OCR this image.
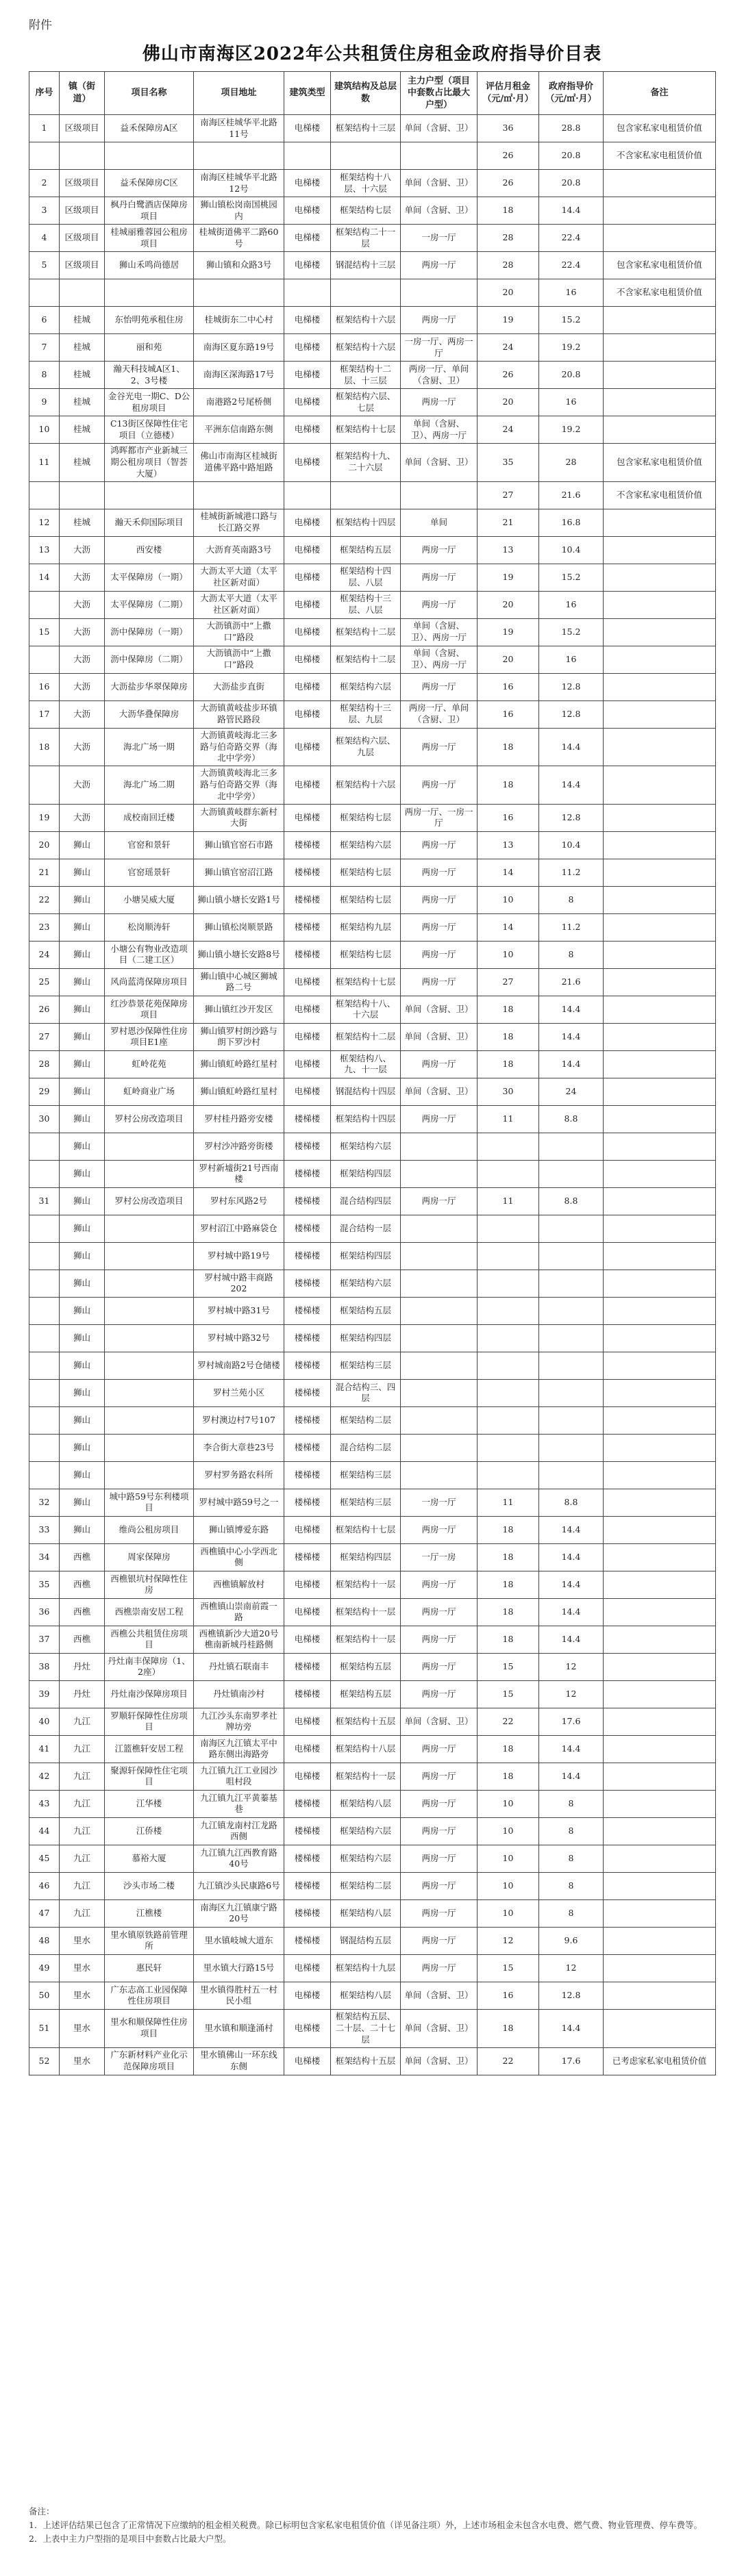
附件
佛山市南海区2022年公共租赁住房租金政府指导价目表
序号	镇（街道）	项目名称	项目地址	建筑类型	建筑结构及总层数	主力户型（项目中套数占比最大户型）	评估月租金（元/㎡·月）	政府指导价（元/㎡·月）	备注
1	区级项目	益禾保障房A区	南海区桂城华平北路11号	电梯楼	框架结构十三层	单间（含厨、卫）	36	28.8	包含家私家电租赁价值
							26	20.8	不含家私家电租赁价值
2	区级项目	益禾保障房C区	南海区桂城华平北路12号	电梯楼	框架结构十八层、十六层	单间（含厨、卫）	26	20.8	
3	区级项目	枫丹白鹭酒店保障房项目	狮山镇松岗南国桃园内	电梯楼	框架结构七层	单间（含厨、卫）	18	14.4	
4	区级项目	桂城丽雅蓉园公租房项目	桂城街道佛平二路60号	电梯楼	框架结构二十一层	一房一厅	28	22.4	
5	区级项目	狮山禾鸣尚德居	狮山镇和众路3号	电梯楼	钢混结构十三层	两房一厅	28	22.4	包含家私家电租赁价值
							20	16	不含家私家电租赁价值
6	桂城	东怡明苑承租住房	桂城街东二中心村	电梯楼	框架结构十六层	两房一厅	19	15.2	
7	桂城	丽和苑	南海区夏东路19号	电梯楼	框架结构十六层	一房一厅、两房一厅	24	19.2	
8	桂城	瀚天科技城A区1、2、3号楼	南海区深海路17号	电梯楼	框架结构十二层、十三层	两房一厅、单间（含厨、卫）	26	20.8	
9	桂城	金谷光电一期C、D公租房项目	南港路2号尾桥侧	电梯楼	框架结构六层、七层	两房一厅	20	16	
10	桂城	C13街区保障性住宅项目（立德楼）	平洲东信南路东侧	电梯楼	框架结构十七层	单间（含厨、卫）、两房一厅	24	19.2	
11	桂城	鸿晖都市产业新城三期公租房项目（智荟大厦）	佛山市南海区桂城街道佛平路中路旭路	电梯楼	框架结构十九、二十六层	单间（含厨、卫）	35	28	包含家私家电租赁价值
							27	21.6	不含家私家电租赁价值
12	桂城	瀚天禾仰国际项目	桂城街新城港口路与长江路交界	电梯楼	框架结构十四层	单间	21	16.8	
13	大沥	西安楼	大沥育英南路3号	电梯楼	框架结构五层	两房一厅	13	10.4	
14	大沥	太平保障房（一期）	大沥太平大道（太平社区新对面）	电梯楼	框架结构十四层、八层	两房一厅	19	15.2	
	大沥	太平保障房（二期）	大沥太平大道（太平社区新对面）	电梯楼	框架结构十三层、八层	两房一厅	20	16	
15	大沥	沥中保障房（一期）	大沥镇沥中“上撒口”路段	电梯楼	框架结构十二层	单间（含厨、卫）、两房一厅	19	15.2	
	大沥	沥中保障房（二期）	大沥镇沥中“上撒口”路段	电梯楼	框架结构十二层	单间（含厨、卫）、两房一厅	20	16	
16	大沥	大沥盐步华翠保障房	大沥盐步直街	电梯楼	框架结构六层	两房一厅	16	12.8	
17	大沥	大沥华叠保障房	大沥镇黄岐盐步环镇路管民路段	电梯楼	框架结构十三层、九层	两房一厅、单间（含厨、卫）	16	12.8	
18	大沥	海北广场一期	大沥镇黄岐海北三多路与伯奇路交界（海北中学旁）	电梯楼	框架结构六层、九层	两房一厅	18	14.4	
	大沥	海北广场二期	大沥镇黄岐海北三多路与伯奇路交界（海北中学旁）	电梯楼	框架结构十六层	两房一厅	18	14.4	
19	大沥	成校南回迁楼	大沥镇黄岐群东新村大街	电梯楼	框架结构七层	两房一厅、一房一厅	16	12.8	
20	狮山	官窑和景轩	狮山镇官窑石市路	楼梯楼	框架结构六层	两房一厅	13	10.4	
21	狮山	官窑瑶景轩	狮山镇官窑沼江路	楼梯楼	框架结构七层	两房一厅	14	11.2	
22	狮山	小塘吴威大厦	狮山镇小塘长安路1号	楼梯楼	框架结构七层	两房一厅	10	8	
23	狮山	松岗顺涛轩	狮山镇松岗顺景路	楼梯楼	框架结构九层	两房一厅	14	11.2	
24	狮山	小塘公有物业改造项目（二建工区）	狮山镇小塘长安路8号	楼梯楼	框架结构七层	两房一厅	10	8	
25	狮山	风尚蓝湾保障房项目	狮山镇中心城区狮城路二号	电梯楼	框架结构十七层	两房一厅	27	21.6	
26	狮山	红沙恭景花苑保障房项目	狮山镇红沙开发区	电梯楼	框架结构十八、十六层	单间（含厨、卫）	18	14.4	
27	狮山	罗村恩沙保障性住房项目E1座	狮山镇罗村朗沙路与朗下罗沙村	电梯楼	框架结构十二层	单间（含厨、卫）	18	14.4	
28	狮山	虹岭花苑	狮山镇虹岭路红星村	电梯楼	框架结构八、九、十一层	两房一厅	18	14.4	
29	狮山	虹岭商业广场	狮山镇虹岭路红星村	电梯楼	钢混结构十四层	单间（含厨、卫）	30	24	
30	狮山	罗村公房改造项目	罗村桂丹路旁安楼	楼梯楼	框架结构十四层	两房一厅	11	8.8	
	狮山		罗村沙冲路旁街楼	楼梯楼	框架结构六层				
	狮山		罗村新墟街21号西南楼	楼梯楼	框架结构四层				
31	狮山	罗村公房改造项目	罗村东风路2号	楼梯楼	混合结构四层	两房一厅	11	8.8	
	狮山		罗村沼江中路麻袋仓	楼梯楼	混合结构一层				
	狮山		罗村城中路19号	楼梯楼	框架结构四层				
	狮山		罗村城中路丰商路202	楼梯楼	框架结构六层				
	狮山		罗村城中路31号	楼梯楼	框架结构五层				
	狮山		罗村城中路32号	楼梯楼	框架结构四层				
	狮山		罗村城南路2号仓储楼	楼梯楼	框架结构三层				
	狮山		罗村兰苑小区	楼梯楼	混合结构三、四层				
	狮山		罗村澳边村7号107	楼梯楼	框架结构二层				
	狮山		李合街大章巷23号	楼梯楼	混合结构二层				
	狮山		罗村罗务路农科所	楼梯楼	框架结构三层				
32	狮山	城中路59号东利楼项目	罗村城中路59号之一	楼梯楼	框架结构三层	一房一厅	11	8.8	
33	狮山	维尚公租房项目	狮山镇博爱东路	电梯楼	框架结构十七层	两房一厅	18	14.4	
34	西樵	周家保障房	西樵镇中心小学西北侧	楼梯楼	框架结构四层	一厅一房	18	14.4	
35	西樵	西樵银坑村保障性住房	西樵镇解放村	电梯楼	框架结构十一层	两房一厅	18	14.4	
36	西樵	西樵崇南安居工程	西樵镇山崇南前霞一路	电梯楼	框架结构十一层	两房一厅	18	14.4	
37	西樵	西樵公共租赁住房项目	西樵镇新沙大道20号樵南新城丹桂路侧	电梯楼	框架结构十一层	两房一厅	18	14.4	
38	丹灶	丹灶南丰保障房（1、2座）	丹灶镇石联南丰	楼梯楼	框架结构五层	两房一厅	15	12	
39	丹灶	丹灶南沙保障房项目	丹灶镇南沙村	楼梯楼	框架结构五层	两房一厅	15	12	
40	九江	罗顺轩保障性住房项目	九江沙头东南罗孝社牌坊旁	电梯楼	框架结构十五层	单间（含厨、卫）	22	17.6	
41	九江	江篮樵轩安居工程	南海区九江镇太平中路东侧出海路旁	电梯楼	框架结构十八层	两房一厅	18	14.4	
42	九江	聚源轩保障性住宅项目	九江镇九江工业园沙咀村段	电梯楼	框架结构十一层	两房一厅	18	14.4	
43	九江	江华楼	九江镇九江平黄蓁基巷	楼梯楼	框架结构八层	两房一厅	10	8	
44	九江	江侨楼	九江镇龙南村江龙路西侧	楼梯楼	框架结构六层	两房一厅	10	8	
45	九江	慕裕大厦	九江镇九江西教育路40号	楼梯楼	框架结构六层	两房一厅	10	8	
46	九江	沙头市场二楼	九江镇沙头民康路6号	楼梯楼	框架结构二层	两房一厅	10	8	
47	九江	江樵楼	南海区九江镇康宁路20号	楼梯楼	框架结构八层	两房一厅	10	8	
48	里水	里水镇原铁路前管理所	里水镇岐城大道东	楼梯楼	钢混结构五层	两房一厅	12	9.6	
49	里水	惠民轩	里水镇大行路15号	电梯楼	框架结构十九层	两房一厅	15	12	
50	里水	广东志高工业园保障性住房项目	里水镇得胜村五一村民小组	电梯楼	框架结构八层	单间（含厨、卫）	16	12.8	
51	里水	里水和顺保障性住房项目	里水镇和顺逢涌村	电梯楼	框架结构五层、二十层、二十七层	单间（含厨、卫）	18	14.4	
52	里水	广东新材料产业化示范保障房项目	里水镇佛山一环东线东侧	电梯楼	框架结构十五层	单间（含厨、卫）	22	17.6	已考虑家私家电租赁价值
备注：
1．上述评估结果已包含了正常情况下应缴纳的租金相关税费。除已标明包含家私家电租赁价值（详见备注项）外，上述市场租金未包含水电费、燃气费、物业管理费、停车费等。
2．上表中主力户型指的是项目中套数占比最大户型。
